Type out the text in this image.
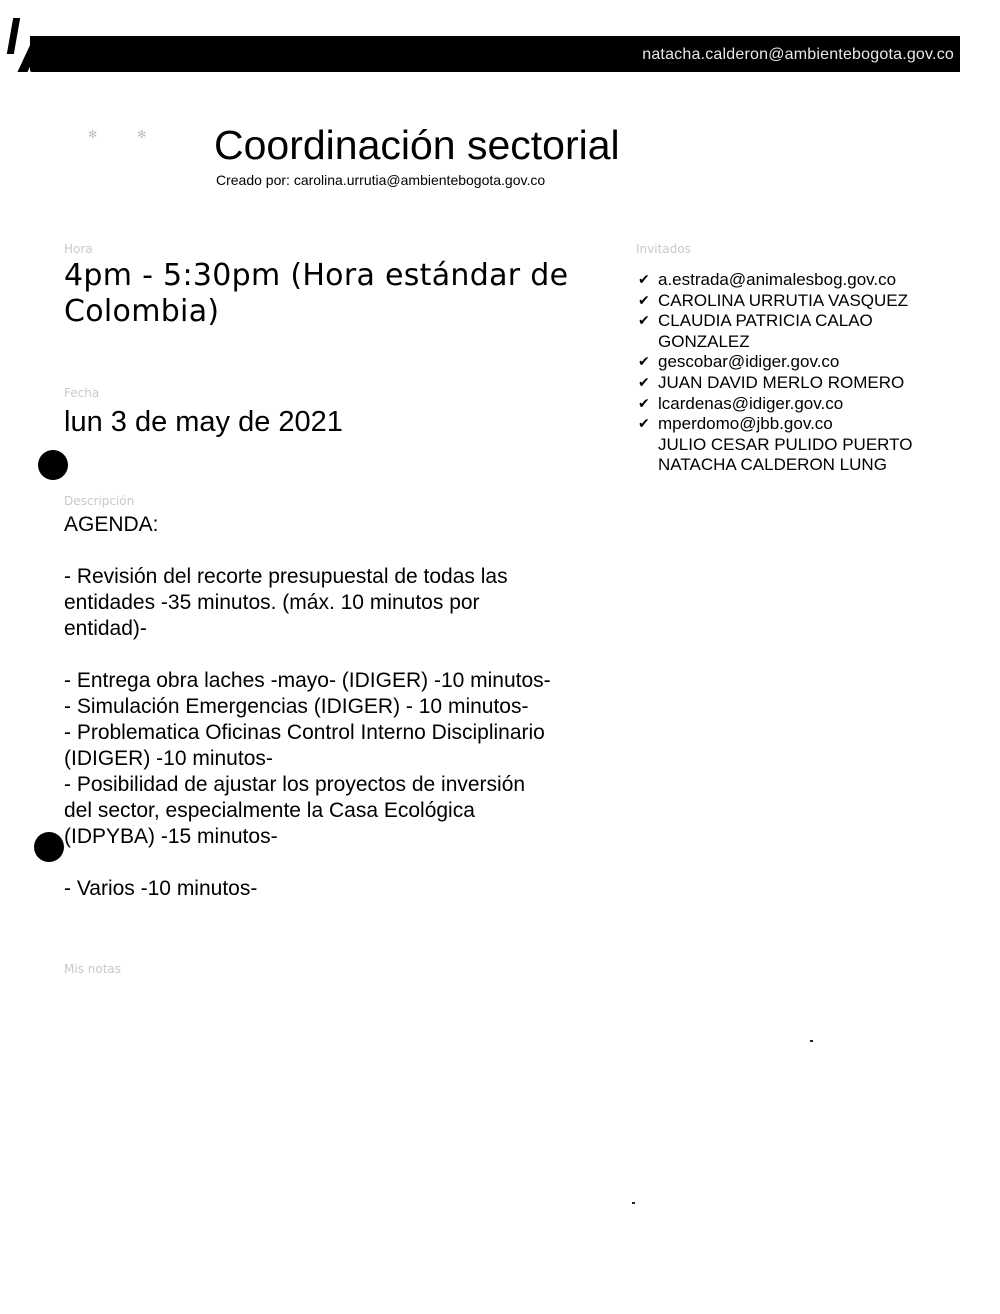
natacha.calderon@ambientebogota.gov.co
✻✻ Coordinación sectorial
Creado por: carolina.urrutia@ambientebogota.gov.co
Hora
4pm - 5:30pm (Hora estándar de Colombia)
Fecha
lun 3 de may de 2021
Descripción

AGENDA:

- Revisión del recorte presupuestal de todas las

entidades -35 minutos. (máx. 10 minutos por

entidad)-

- Entrega obra laches -mayo- (IDIGER) -10 minutos-

- Simulación Emergencias (IDIGER) - 10 minutos-

- Problematica Oficinas Control Interno Disciplinario

(IDIGER) -10 minutos-

- Posibilidad de ajustar los proyectos de inversión

del sector, especialmente la Casa Ecológica

(IDPYBA) -15 minutos-

- Varios -10 minutos-

Mis notas
Invitados
✔ a.estrada@animalesbog.gov.co
✔ CAROLINA URRUTIA VASQUEZ
✔ CLAUDIA PATRICIA CALAO GONZALEZ
✔ gescobar@idiger.gov.co
✔ JUAN DAVID MERLO ROMERO
✔ lcardenas@idiger.gov.co
✔ mperdomo@jbb.gov.co
JULIO CESAR PULIDO PUERTO
NATACHA CALDERON LUNG
